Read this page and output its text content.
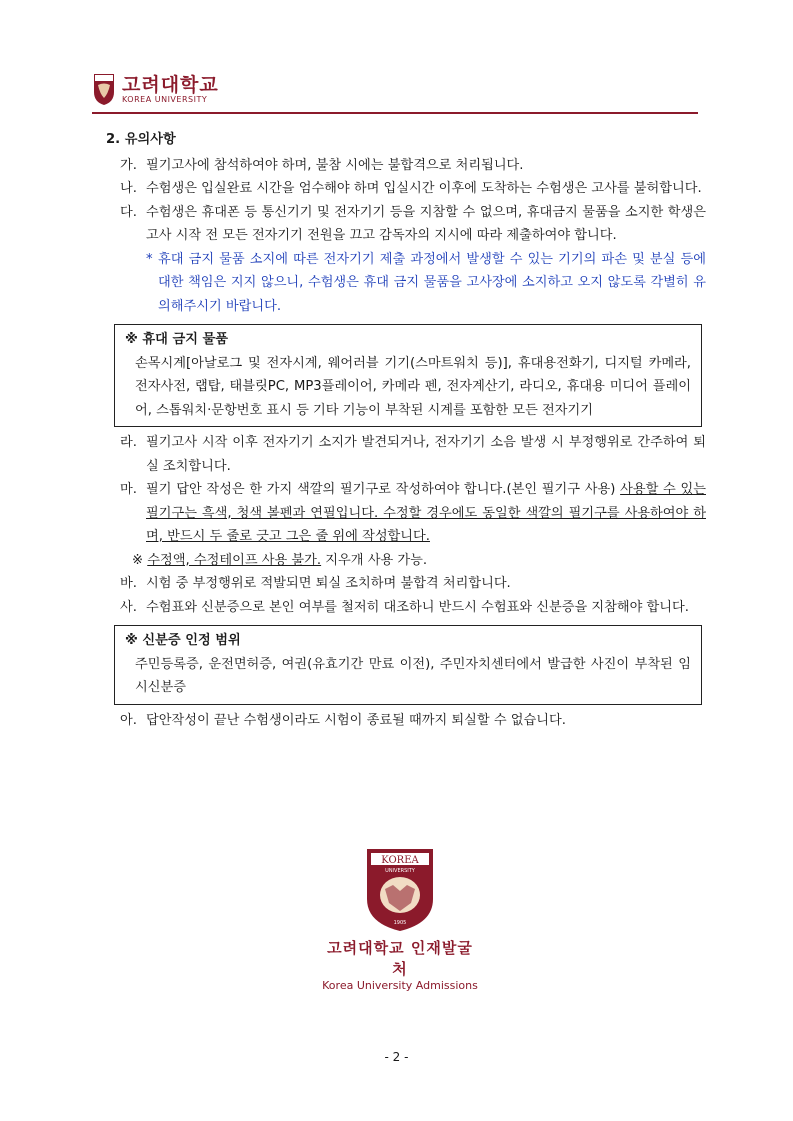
고려대학교
KOREA UNIVERSITY
2. 유의사항
가. 필기고사에 참석하여야 하며, 불참 시에는 불합격으로 처리됩니다.

나. 수험생은 입실완료 시간을 엄수해야 하며 입실시간 이후에 도착하는 수험생은 고사를 불허합니다.

다. 수험생은 휴대폰 등 통신기기 및 전자기기 등을 지참할 수 없으며, 휴대금지 물품을 소지한 학생은 고사 시작 전 모든 전자기기 전원을 끄고 감독자의 지시에 따라 제출하여야 합니다.

* 휴대 금지 물품 소지에 따른 전자기기 제출 과정에서 발생할 수 있는 기기의 파손 및 분실 등에 대한 책임은 지지 않으니, 수험생은 휴대 금지 물품을 고사장에 소지하고 오지 않도록 각별히 유의해주시기 바랍니다.

※ 휴대 금지 물품
손목시계[아날로그 및 전자시계, 웨어러블 기기(스마트워치 등)], 휴대용전화기, 디지털 카메라, 전자사전, 랩탑, 태블릿PC, MP3플레이어, 카메라 펜, 전자계산기, 라디오, 휴대용 미디어 플레이어, 스톱워치·문항번호 표시 등 기타 기능이 부착된 시계를 포함한 모든 전자기기
라. 필기고사 시작 이후 전자기기 소지가 발견되거나, 전자기기 소음 발생 시 부정행위로 간주하여 퇴실 조치합니다.

마. 필기 답안 작성은 한 가지 색깔의 필기구로 작성하여야 합니다.(본인 필기구 사용) 사용할 수 있는 필기구는 흑색, 청색 볼펜과 연필입니다. 수정할 경우에도 동일한 색깔의 필기구를 사용하여야 하며, 반드시 두 줄로 긋고 그은 줄 위에 작성합니다.

※ 수정액, 수정테이프 사용 불가. 지우개 사용 가능.
바. 시험 중 부정행위로 적발되면 퇴실 조치하며 불합격 처리합니다.

사. 수험표와 신분증으로 본인 여부를 철저히 대조하니 반드시 수험표와 신분증을 지참해야 합니다.

※ 신분증 인정 범위
주민등록증, 운전면허증, 여권(유효기간 만료 이전), 주민자치센터에서 발급한 사진이 부착된 임시신분증
아. 답안작성이 끝난 수험생이라도 시험이 종료될 때까지 퇴실할 수 없습니다.

KOREA
UNIVERSITY
1905
고려대학교 인재발굴처
Korea University Admissions
- 2 -
